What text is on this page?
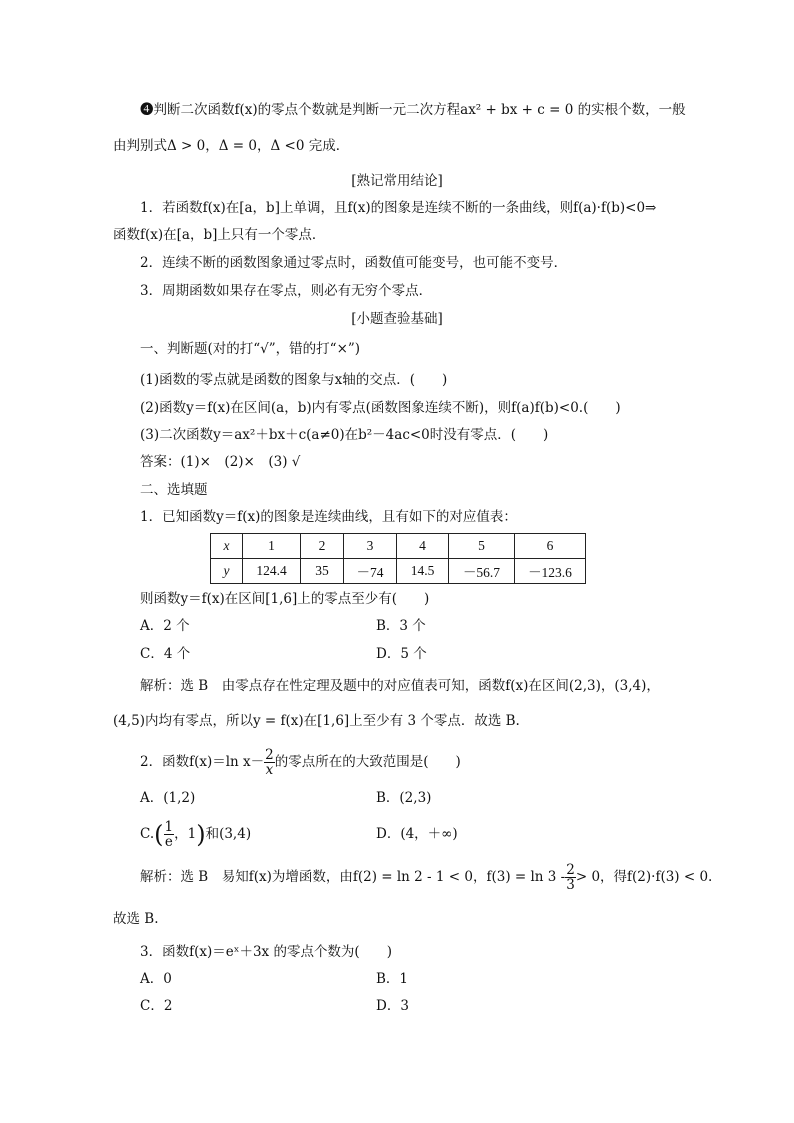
❹判断二次函数f(x)的零点个数就是判断一元二次方程ax² + bx + c = 0 的实根个数，一般
由判别式Δ > 0，Δ = 0，Δ <0 完成．
[熟记常用结论]
1．若函数f(x)在[a，b]上单调，且f(x)的图象是连续不断的一条曲线，则f(a)·f(b)<0⇒
函数f(x)在[a，b]上只有一个零点．
2．连续不断的函数图象通过零点时，函数值可能变号，也可能不变号．
3．周期函数如果存在零点，则必有无穷个零点．
[小题查验基础]
一、判断题(对的打“√”，错的打“×”)
(1)函数的零点就是函数的图象与x轴的交点．(　　)
(2)函数y＝f(x)在区间(a，b)内有零点(函数图象连续不断)，则f(a)f(b)<0.(　　)
(3)二次函数y＝ax²＋bx＋c(a≠0)在b²－4ac<0时没有零点．(　　)
答案：(1)×　(2)×　(3) √
二、选填题
1．已知函数y＝f(x)的图象是连续曲线，且有如下的对应值表：
x	1	2	3	4	5	6
y	124.4	35	－74	14.5	－56.7	－123.6
则函数y＝f(x)在区间[1,6]上的零点至少有(　　)
A．2 个	B．3 个
C．4 个	D．5 个
解析：选 B　由零点存在性定理及题中的对应值表可知，函数f(x)在区间(2,3)，(3,4)，
(4,5)内均有零点，所以y = f(x)在[1,6]上至少有 3 个零点．故选 B.
2．函数f(x)＝ln $x- \frac{2}{x}$ 的零点所在的大致范围是(　　)
A．(1,2)	B．(2,3)
$C.( \frac{1}{e}$ ，1)和(3,4)	D．(4，＋∞)
解析：选 B　易知f(x)为增函数，由f(2) = ln 2 - 1 < 0，$f(3) = \ln 3 - \frac{2}{3} > 0$，得f(2)·f(3) < 0.
故选 B.
3．函数f(x)＝eˣ＋3x 的零点个数为(　　)
A．0	B．1
C．2	D．3
